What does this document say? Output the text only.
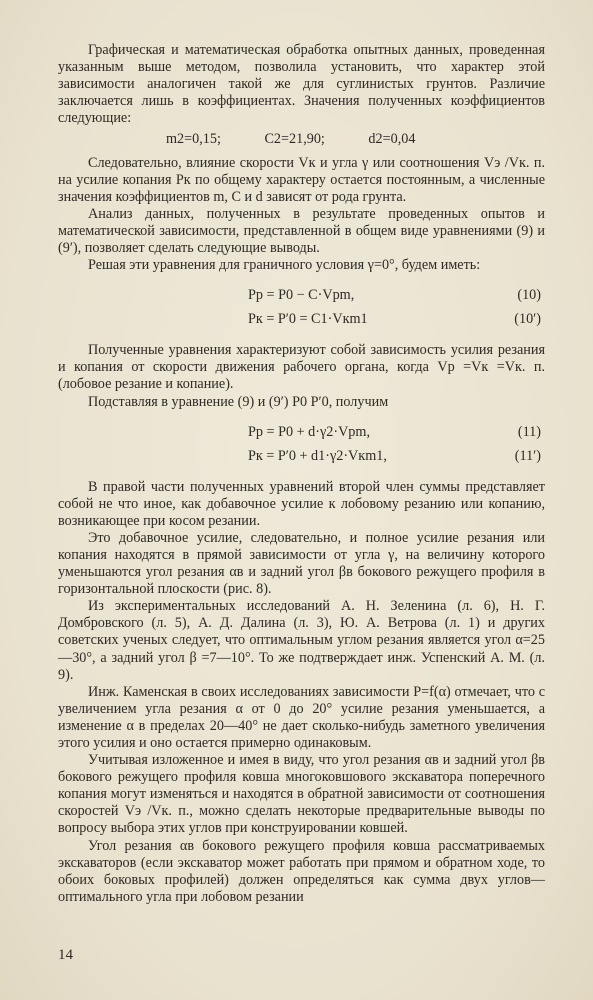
Графическая и математическая обработка опытных данных, проведенная указанным выше методом, позволила установить, что характер этой зависимости аналогичен такой же для суглинистых грунтов. Различие заключается лишь в коэффициентах. Значения полученных коэффициентов следующие:

m2=0,15;	C2=21,90;	d2=0,04

Следовательно, влияние скорости Vк и угла γ или соотношения Vэ /Vк. п. на усилие копания Pк по общему характеру остается постоянным, а численные значения коэффициентов m, C и d зависят от рода грунта.

Анализ данных, полученных в результате проведенных опытов и математической зависимости, представленной в общем виде уравнениями (9) и (9′), позволяет сделать следующие выводы.

Решая эти уравнения для граничного условия γ=0°, будем иметь:

Pр = P0 − C·Vрm,	(10)
Pк = P′0 = C1·Vкm1	(10′)

Полученные уравнения характеризуют собой зависимость усилия резания и копания от скорости движения рабочего органа, когда Vр =Vк =Vк. п. (лобовое резание и копание).

Подставляя в уравнение (9) и (9′) P0 P′0, получим

Pр = P0 + d·γ2·Vрm,	(11)
Pк = P′0 + d1·γ2·Vкm1,	(11′)

В правой части полученных уравнений второй член суммы представляет собой не что иное, как добавочное усилие к лобовому резанию или копанию, возникающее при косом резании.

Это добавочное усилие, следовательно, и полное усилие резания или копания находятся в прямой зависимости от угла γ, на величину которого уменьшаются угол резания αв и задний угол βв бокового режущего профиля в горизонтальной плоскости (рис. 8).

Из экспериментальных исследований А. Н. Зеленина (л. 6), Н. Г. Домбровского (л. 5), А. Д. Далина (л. 3), Ю. А. Ветрова (л. 1) и других советских ученых следует, что оптимальным углом резания является угол α=25—30°, а задний угол β =7—10°. То же подтверждает инж. Успенский А. М. (л. 9).

Инж. Каменская в своих исследованиях зависимости P=f(α) отмечает, что с увеличением угла резания α от 0 до 20° усилие резания уменьшается, а изменение α в пределах 20—40° не дает сколько-нибудь заметного увеличения этого усилия и оно остается примерно одинаковым.

Учитывая изложенное и имея в виду, что угол резания αв и задний угол βв бокового режущего профиля ковша многоковшового экскаватора поперечного копания могут изменяться и находятся в обратной зависимости от соотношения скоростей Vэ /Vк. п., можно сделать некоторые предварительные выводы по вопросу выбора этих углов при конструировании ковшей.

Угол резания αв бокового режущего профиля ковша рассматриваемых экскаваторов (если экскаватор может работать при прямом и обратном ходе, то обоих боковых профилей) должен определяться как сумма двух углов—оптимального угла при лобовом резании

14
